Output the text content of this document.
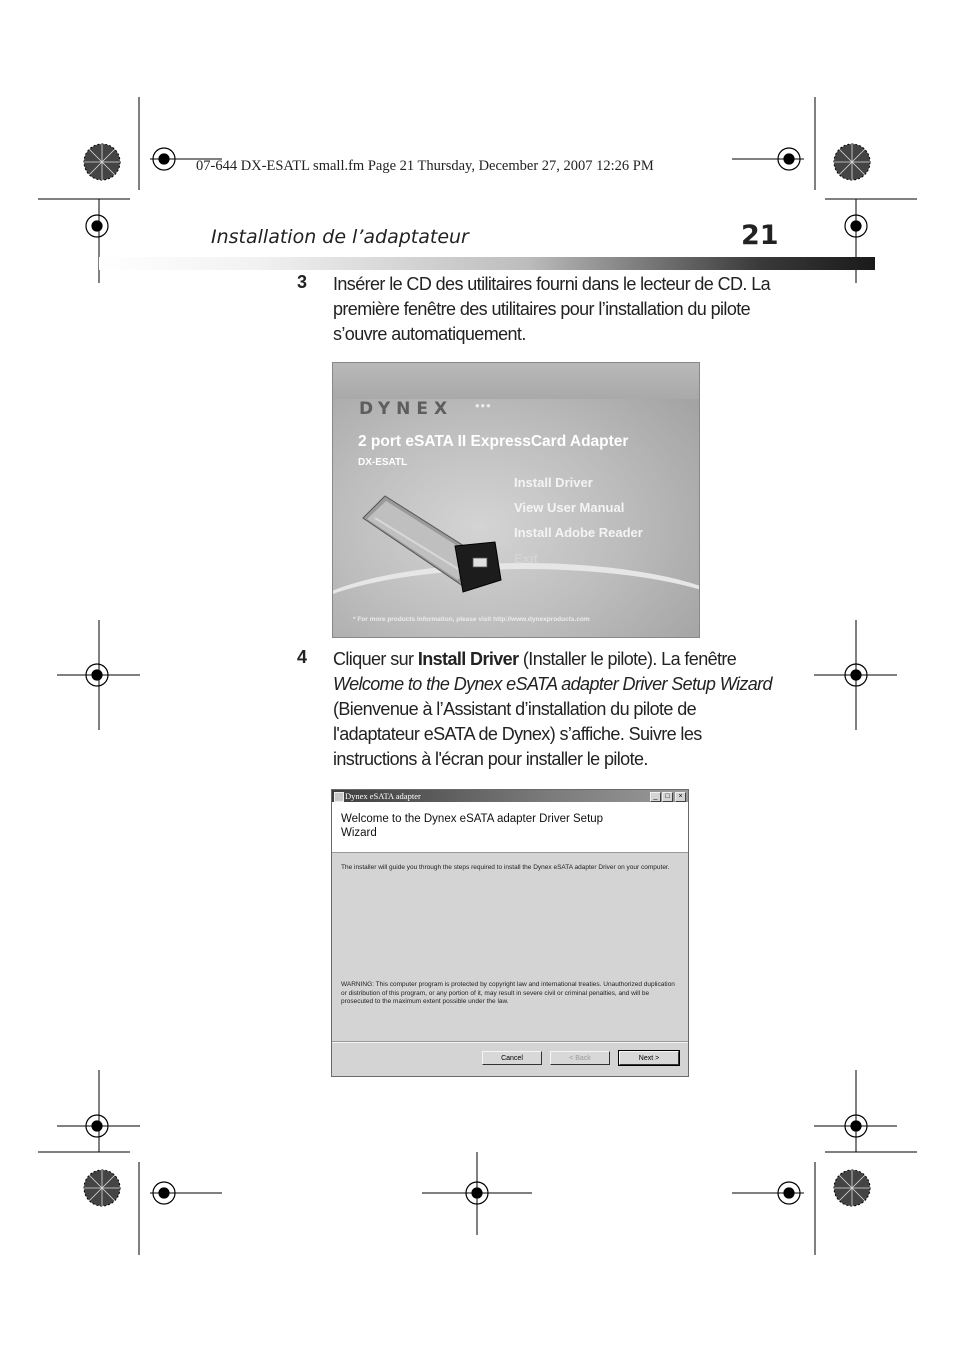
07-644 DX-ESATL small.fm Page 21 Thursday, December 27, 2007 12:26 PM
Installation de l’adaptateur	21
3 Insérer le CD des utilitaires fourni dans le lecteur de CD. La
première fenêtre des utilitaires pour l’installation du pilote
s’ouvre automatiquement.
DYNEX •••
2 port eSATA II ExpressCard Adapter
DX-ESATL
Install Driver
View User Manual
Install Adobe Reader
Exit
* For more products information, please visit http://www.dynexproducts.com
4 Cliquer sur Install Driver (Installer le pilote). La fenêtre
Welcome to the Dynex eSATA adapter Driver Setup Wizard
(Bienvenue à l’Assistant d’installation du pilote de
l'adaptateur eSATA de Dynex) s’affiche. Suivre les
instructions à l'écran pour installer le pilote.
Dynex eSATA adapter	_	□	×
Welcome to the Dynex eSATA adapter Driver Setup Wizard
The installer will guide you through the steps required to install the Dynex eSATA adapter Driver on your computer.
WARNING: This computer program is protected by copyright law and international treaties. Unauthorized duplication or distribution of this program, or any portion of it, may result in severe civil or criminal penalties, and will be prosecuted to the maximum extent possible under the law.
Cancel	< Back	Next >
